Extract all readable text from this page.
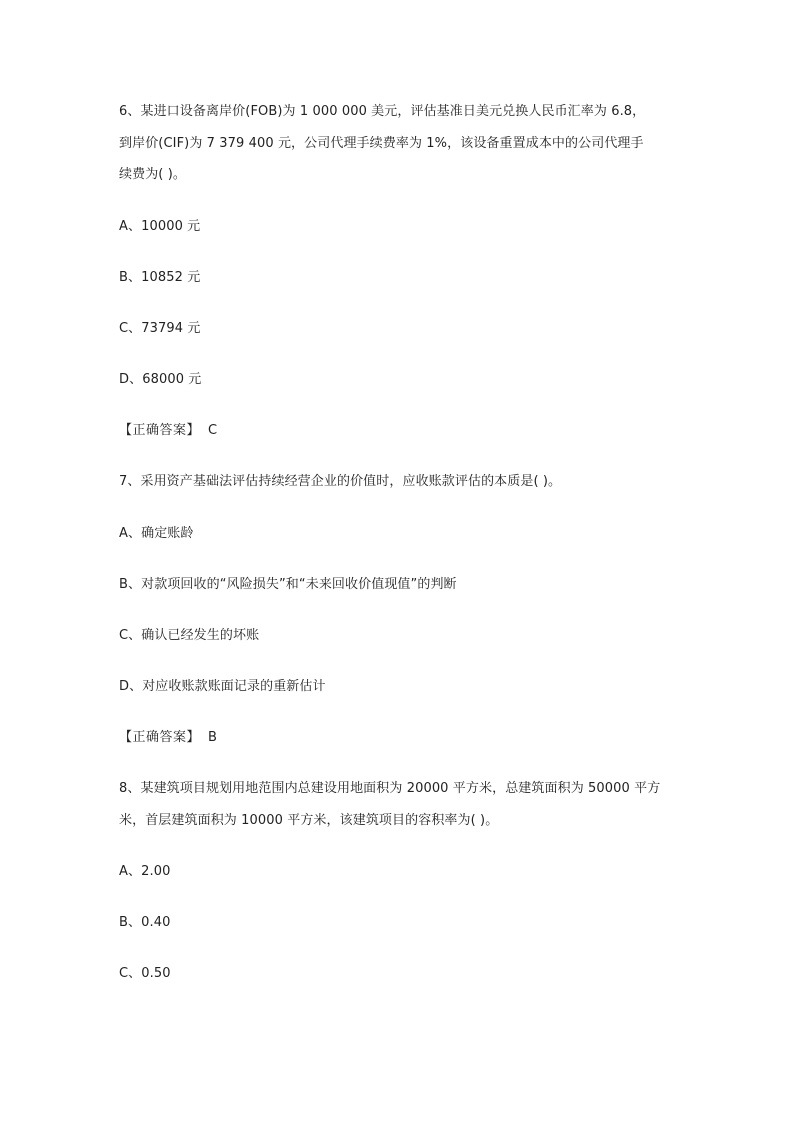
6、某进口设备离岸价(FOB)为 1 000 000 美元，评估基准日美元兑换人民币汇率为 6.8，
到岸价(CIF)为 7 379 400 元，公司代理手续费率为 1%，该设备重置成本中的公司代理手
续费为( )。
A、10000 元
B、10852 元
C、73794 元
D、68000 元
【正确答案】 C
7、采用资产基础法评估持续经营企业的价值时，应收账款评估的本质是( )。
A、确定账龄
B、对款项回收的“风险损失”和“未来回收价值现值”的判断
C、确认已经发生的坏账
D、对应收账款账面记录的重新估计
【正确答案】 B
8、某建筑项目规划用地范围内总建设用地面积为 20000 平方米，总建筑面积为 50000 平方
米，首层建筑面积为 10000 平方米，该建筑项目的容积率为( )。
A、2.00
B、0.40
C、0.50
